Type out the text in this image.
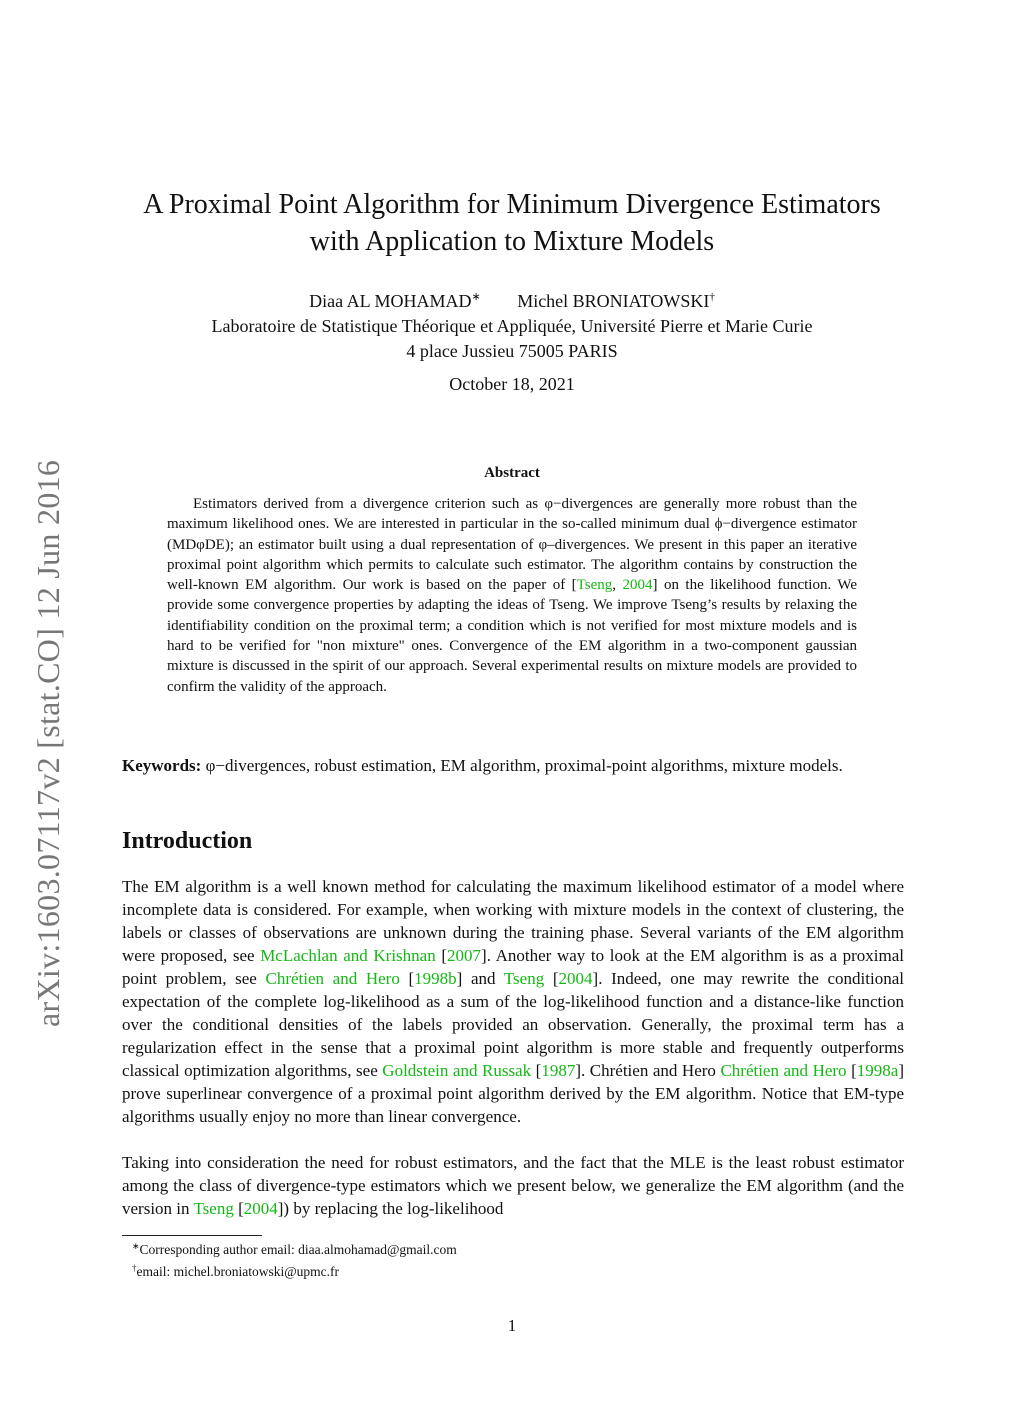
arXiv:1603.07117v2 [stat.CO] 12 Jun 2016
A Proximal Point Algorithm for Minimum Divergence Estimators
with Application to Mixture Models
Diaa AL MOHAMAD∗ Michel BRONIATOWSKI†
Laboratoire de Statistique Théorique et Appliquée, Université Pierre et Marie Curie
4 place Jussieu 75005 PARIS
October 18, 2021
Abstract

Estimators derived from a divergence criterion such as φ−divergences are generally more robust than the maximum likelihood ones. We are interested in particular in the so-called minimum dual ϕ−divergence estimator (MDφDE); an estimator built using a dual representation of φ–divergences. We present in this paper an iterative proximal point algorithm which permits to calculate such estimator. The algorithm contains by construction the well-known EM algorithm. Our work is based on the paper of [Tseng, 2004] on the likelihood function. We provide some convergence properties by adapting the ideas of Tseng. We improve Tseng’s results by relaxing the identifiability condition on the proximal term; a condition which is not verified for most mixture models and is hard to be verified for "non mixture" ones. Convergence of the EM algorithm in a two-component gaussian mixture is discussed in the spirit of our approach. Several experimental results on mixture models are provided to confirm the validity of the approach.

Keywords: φ−divergences, robust estimation, EM algorithm, proximal-point algorithms, mixture models.

Introduction

The EM algorithm is a well known method for calculating the maximum likelihood estimator of a model where incomplete data is considered. For example, when working with mixture models in the context of clustering, the labels or classes of observations are unknown during the training phase. Several variants of the EM algorithm were proposed, see McLachlan and Krishnan [2007]. Another way to look at the EM algorithm is as a proximal point problem, see Chrétien and Hero [1998b] and Tseng [2004]. Indeed, one may rewrite the conditional expectation of the complete log-likelihood as a sum of the log-likelihood function and a distance-like function over the conditional densities of the labels provided an observation. Generally, the proximal term has a regularization effect in the sense that a proximal point algorithm is more stable and frequently outperforms classical optimization algorithms, see Goldstein and Russak [1987]. Chrétien and Hero Chrétien and Hero [1998a] prove superlinear convergence of a proximal point algorithm derived by the EM algorithm. Notice that EM-type algorithms usually enjoy no more than linear convergence.

Taking into consideration the need for robust estimators, and the fact that the MLE is the least robust estimator among the class of divergence-type estimators which we present below, we generalize the EM algorithm (and the version in Tseng [2004]) by replacing the log-likelihood

∗Corresponding author email: diaa.almohamad@gmail.com
†email: michel.broniatowski@upmc.fr
1
